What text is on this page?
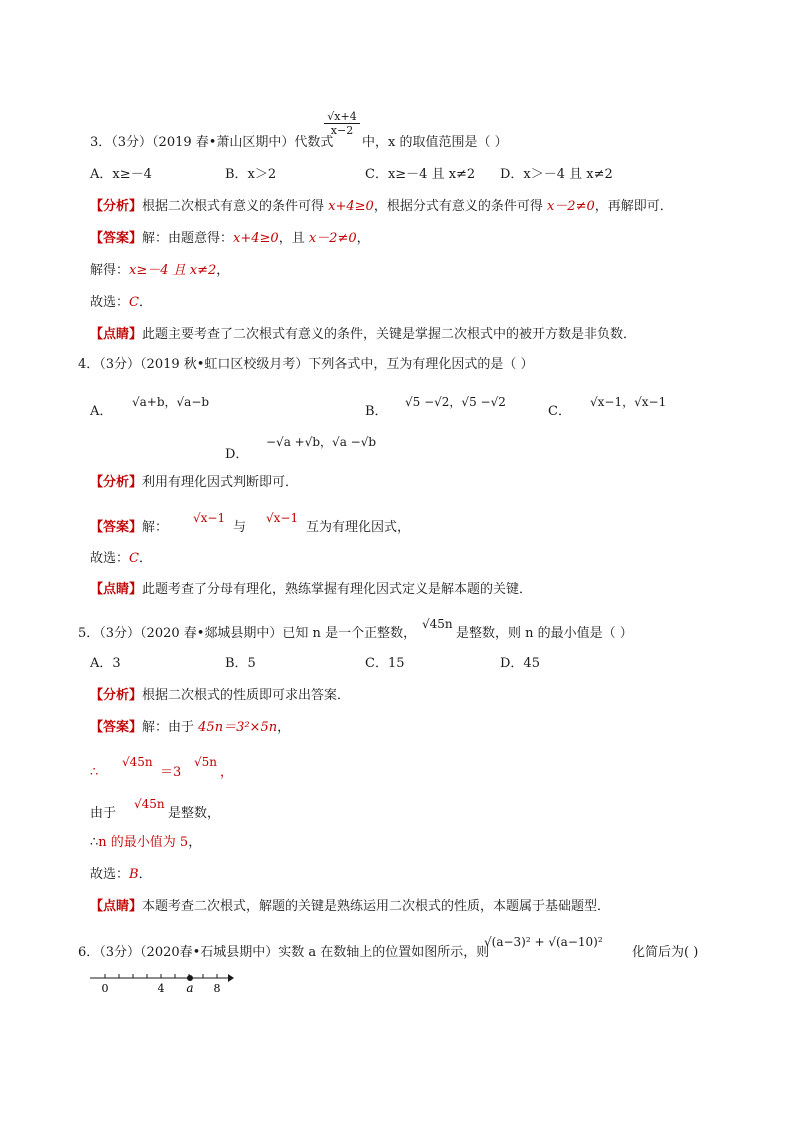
3．（3分）（2019 春•萧山区期中）代数式
$\frac{√x+4}{x-2}$
中，x 的取值范围是（ ）
A．x≥－4	B．x＞2	C．x≥－4 且 x≠2 D．x＞－4 且 x≠2
【分析】根据二次根式有意义的条件可得 x+4≥0，根据分式有意义的条件可得 x－2≠0，再解即可．
【答案】解：由题意得：x+4≥0，且 x－2≠0，
解得：x≥－4 且 x≠2，
故选：C．
【点睛】此题主要考查了二次根式有意义的条件，关键是掌握二次根式中的被开方数是非负数．
4．（3分）（2019 秋•虹口区校级月考）下列各式中，互为有理化因式的是（ ）
A．
√a+b，√a−b
B．
√5 −√2，√5 −√2
C．
√x−1，√x−1
D．
−√a +√b，√a −√b
【分析】利用有理化因式判断即可．
【答案】解：
√x−1
与
√x−1
互为有理化因式，
故选：C．
【点睛】此题考查了分母有理化，熟练掌握有理化因式定义是解本题的关键．
5．（3分）（2020 春•郯城县期中）已知 n 是一个正整数，
√45n
是整数，则 n 的最小值是（ ）
A．3	B．5	C．15	D．45
【分析】根据二次根式的性质即可求出答案．
【答案】解：由于 45n＝3²×5n，
∴
√45n
＝3
√5n
，
由于
√45n
是整数，
∴n 的最小值为 5，
故选：B．
【点睛】本题考查二次根式，解题的关键是熟练运用二次根式的性质，本题属于基础题型．
6．（3分）（2020春•石城县期中）实数 a 在数轴上的位置如图所示，则
√(a−3)² + √(a−10)²
化简后为( )
0	4 a 8
